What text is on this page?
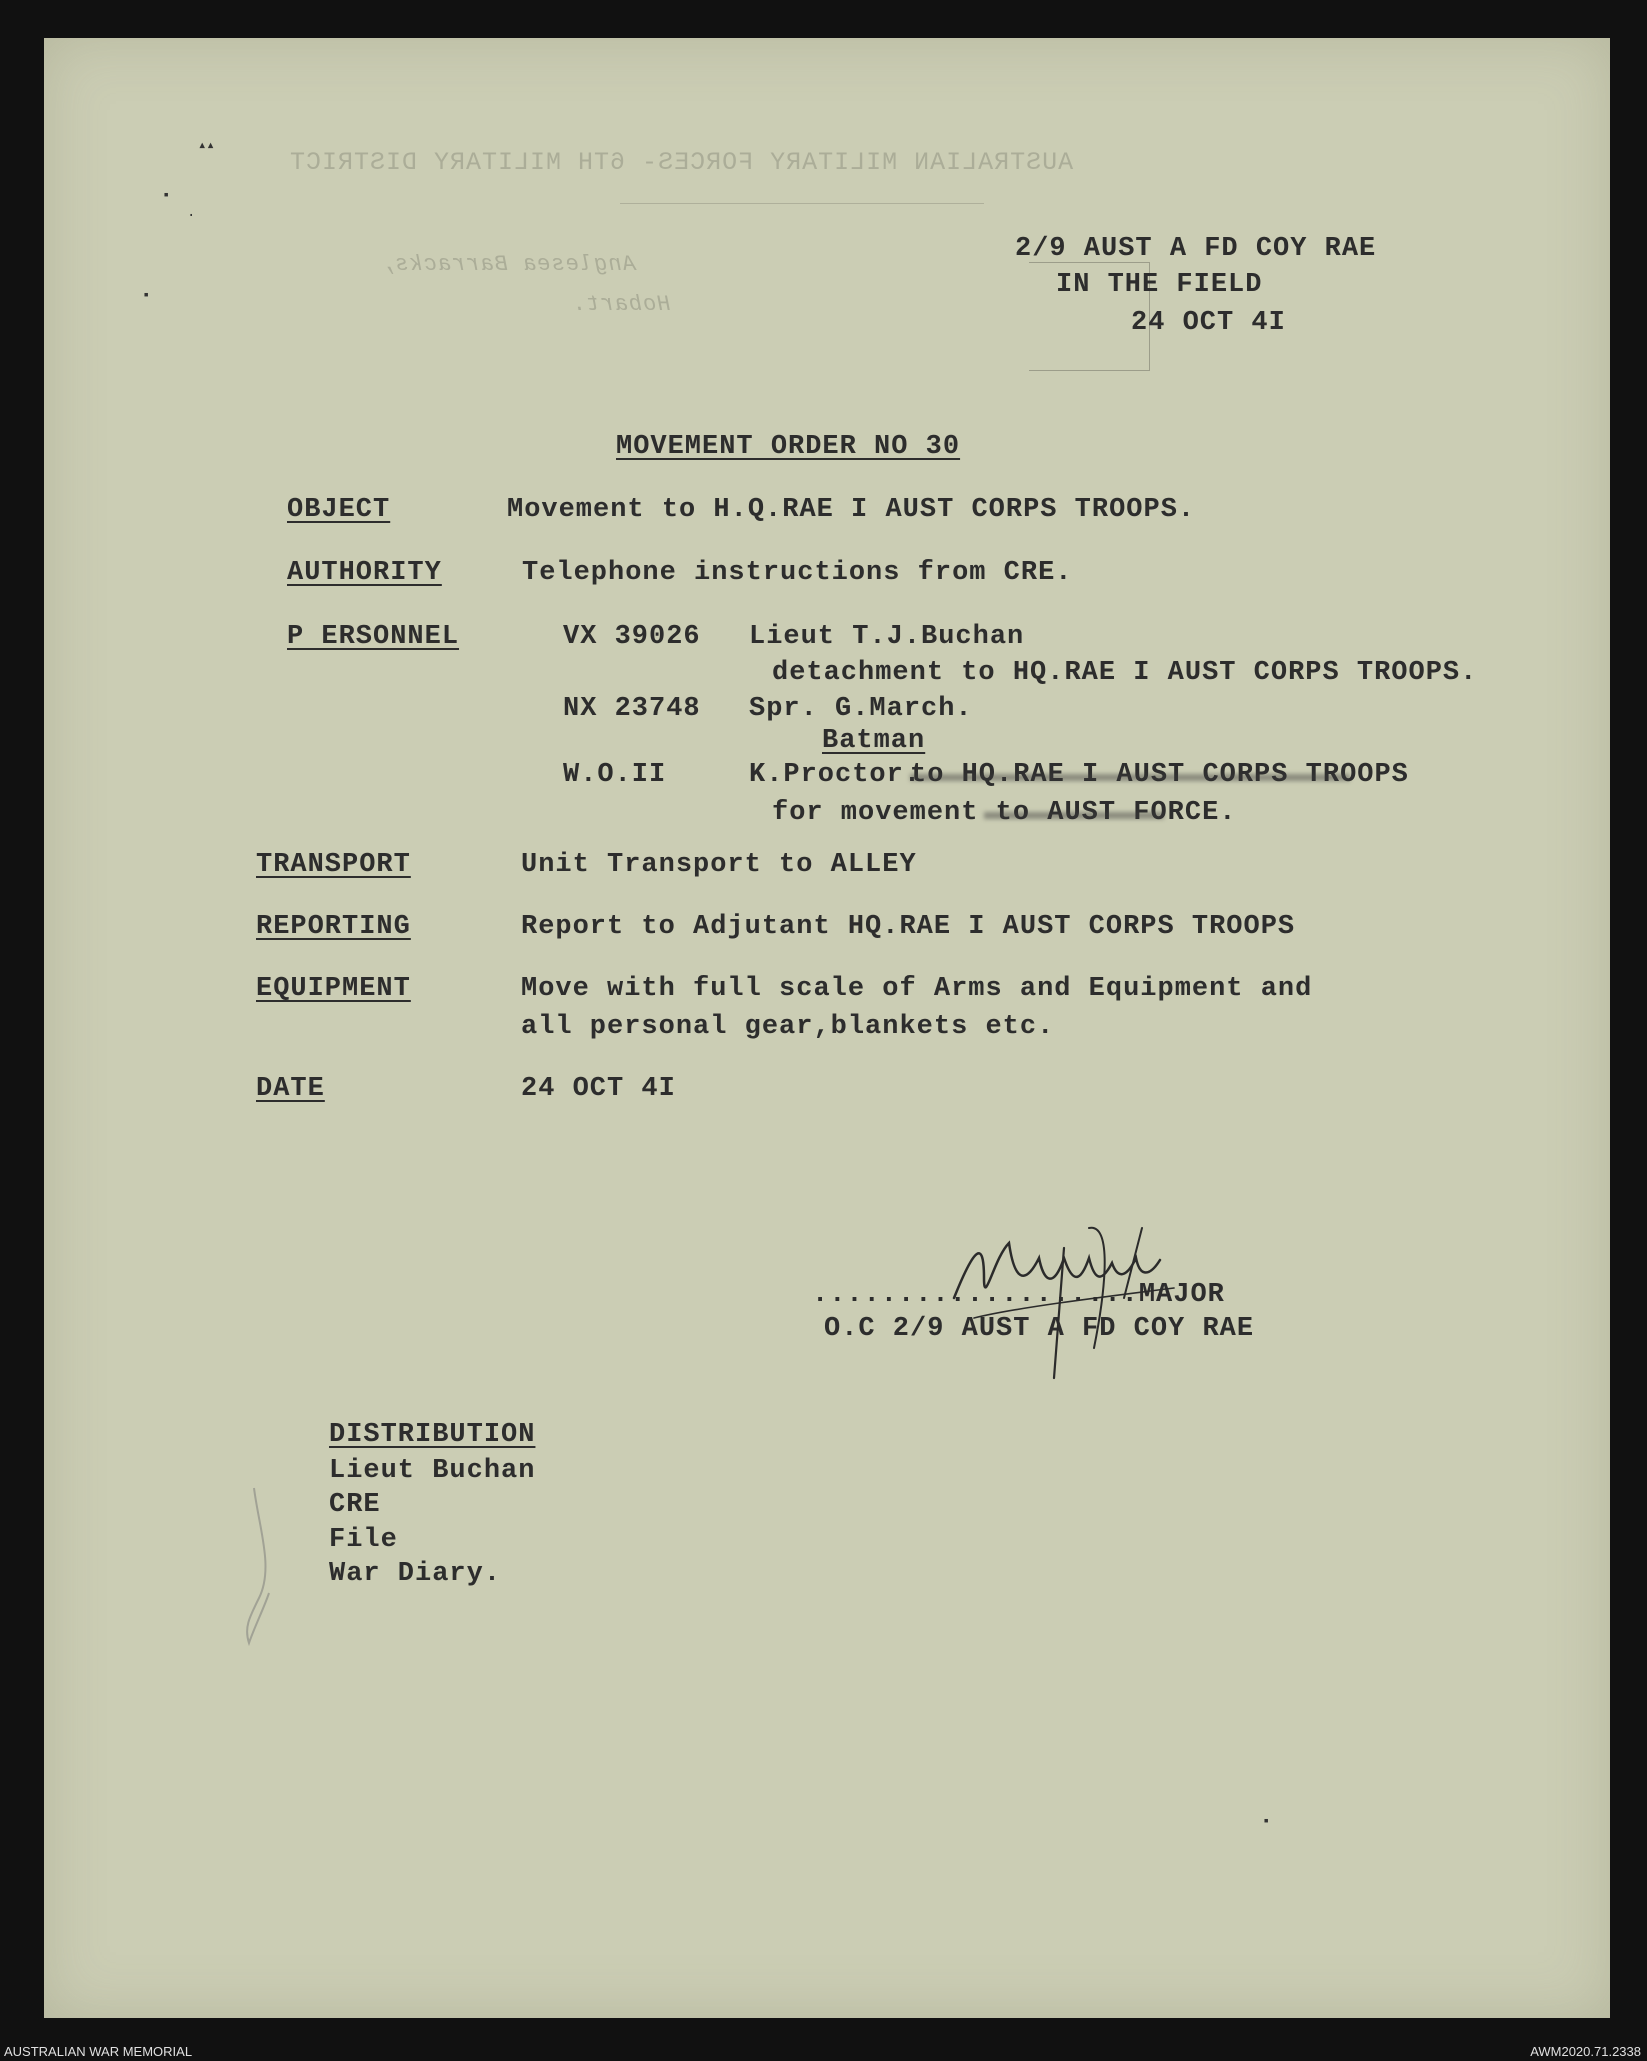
AUSTRALIAN MILITARY FORCES- 6TH MILITARY DISTRICT
Anglesea Barracks,
Hobart.
▴▴
▪
·
▪
2/9 AUST A FD COY RAE
IN THE FIELD
24 OCT 4I
MOVEMENT ORDER NO 30
OBJECT	Movement to H.Q.RAE I AUST CORPS TROOPS.
AUTHORITY	Telephone instructions from CRE.
P ERSONNEL	VX 39026 Lieut T.J.Buchan
detachment to HQ.RAE I AUST CORPS TROOPS.
NX 23748 Spr. G.March.
Batman
W.O.II	K.Proctor.
to HQ.RAE I AUST CORPS TROOPS
for movement to AUST FORCE.
TRANSPORT	Unit Transport to ALLEY
REPORTING	Report to Adjutant HQ.RAE I AUST CORPS TROOPS
EQUIPMENT	Move with full scale of Arms and Equipment and
all personal gear,blankets etc.
DATE	24 OCT 4I
...................MAJOR
O.C 2/9 AUST A FD COY RAE
DISTRIBUTION
Lieut Buchan
CRE
File
War Diary.
▪
AUSTRALIAN WAR MEMORIAL	AWM2020.71.2338
